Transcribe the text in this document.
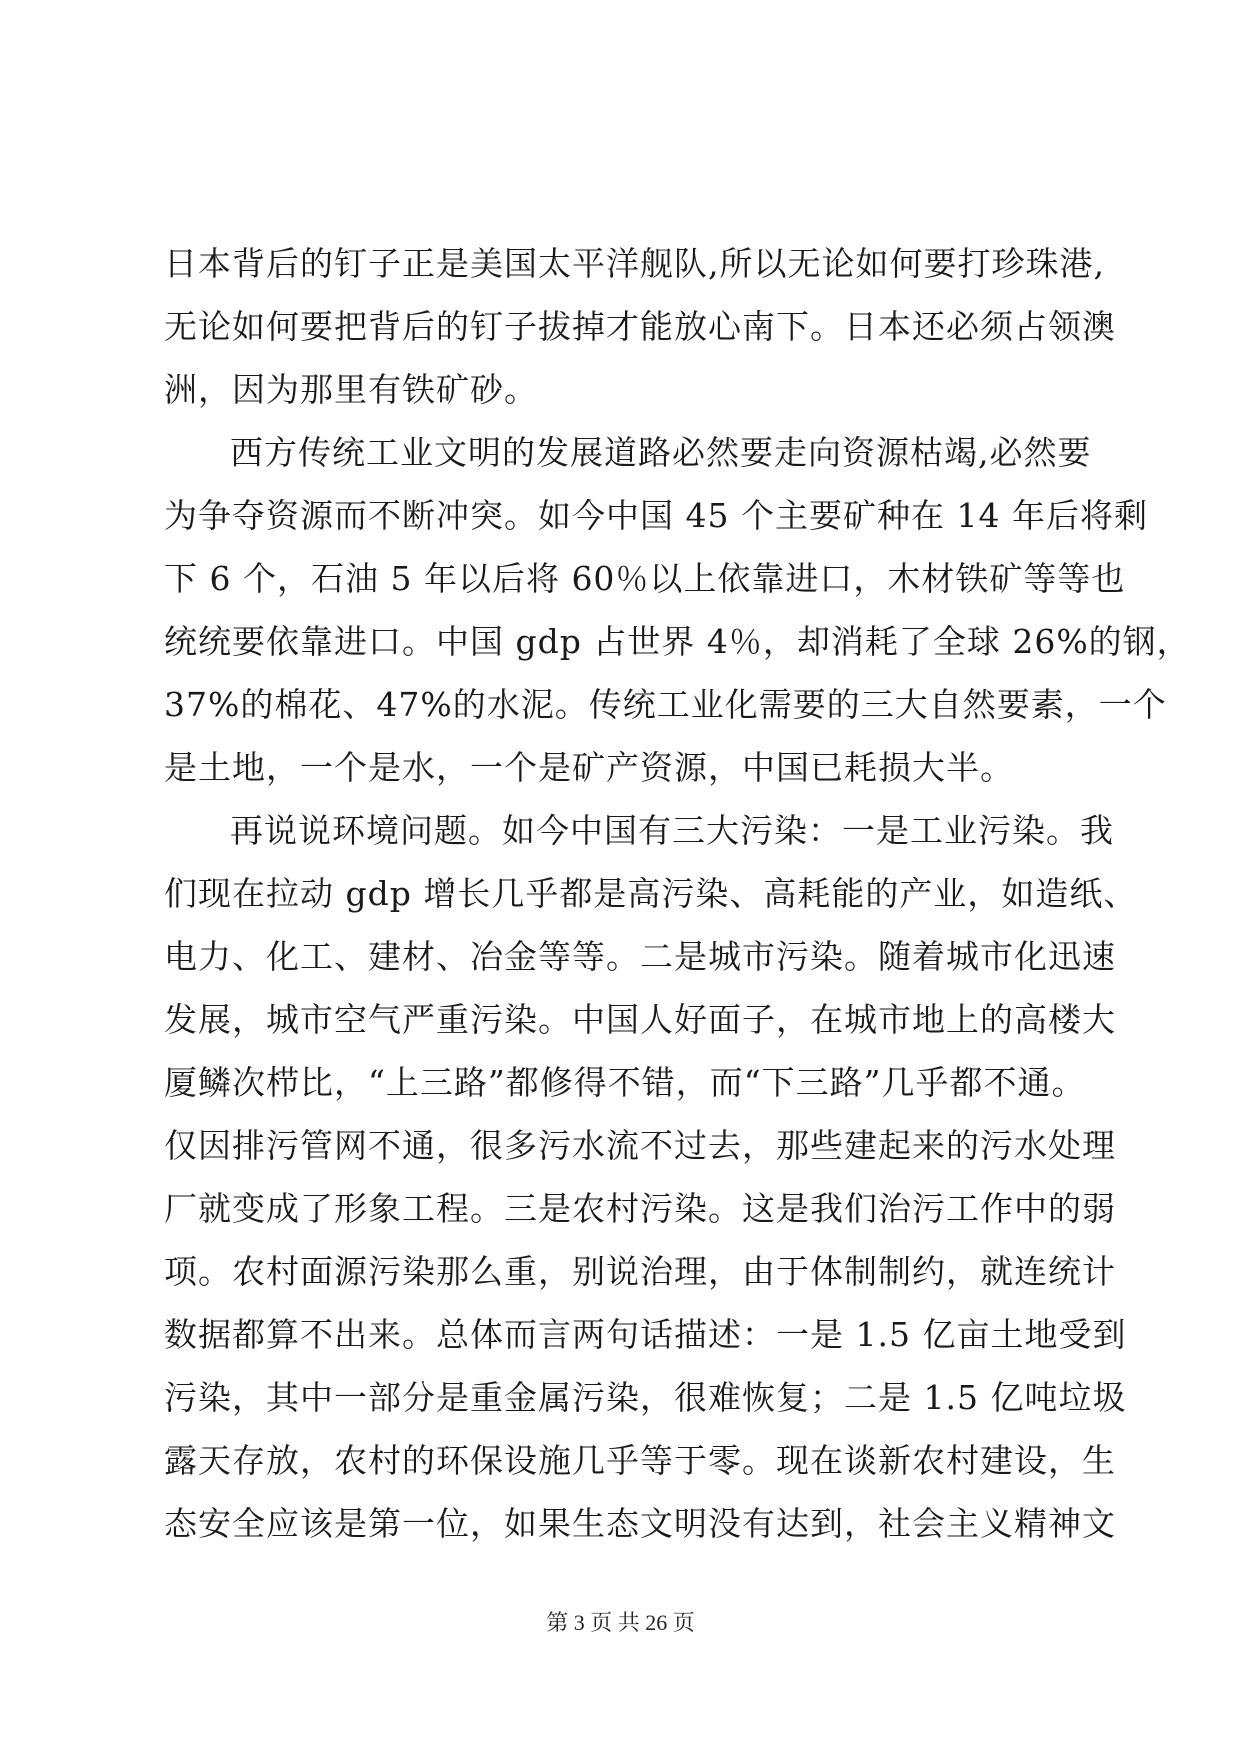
日本背后的钉子正是美国太平洋舰队,所以无论如何要打珍珠港,
无论如何要把背后的钉子拔掉才能放心南下。日本还必须占领澳
洲，因为那里有铁矿砂。
西方传统工业文明的发展道路必然要走向资源枯竭,必然要
为争夺资源而不断冲突。如今中国 45 个主要矿种在 14 年后将剩
下 6 个，石油 5 年以后将 60％以上依靠进口，木材铁矿等等也
统统要依靠进口。中国 gdp 占世界 4％，却消耗了全球 26%的钢，
37%的棉花、47%的水泥。传统工业化需要的三大自然要素，一个
是土地，一个是水，一个是矿产资源，中国已耗损大半。
再说说环境问题。如今中国有三大污染：一是工业污染。我
们现在拉动 gdp 增长几乎都是高污染、高耗能的产业，如造纸、
电力、化工、建材、冶金等等。二是城市污染。随着城市化迅速
发展，城市空气严重污染。中国人好面子，在城市地上的高楼大
厦鳞次栉比，“上三路”都修得不错，而“下三路”几乎都不通。
仅因排污管网不通，很多污水流不过去，那些建起来的污水处理
厂就变成了形象工程。三是农村污染。这是我们治污工作中的弱
项。农村面源污染那么重，别说治理，由于体制制约，就连统计
数据都算不出来。总体而言两句话描述：一是 1.5 亿亩土地受到
污染，其中一部分是重金属污染，很难恢复；二是 1.5 亿吨垃圾
露天存放，农村的环保设施几乎等于零。现在谈新农村建设，生
态安全应该是第一位，如果生态文明没有达到，社会主义精神文
第 3 页 共 26 页
